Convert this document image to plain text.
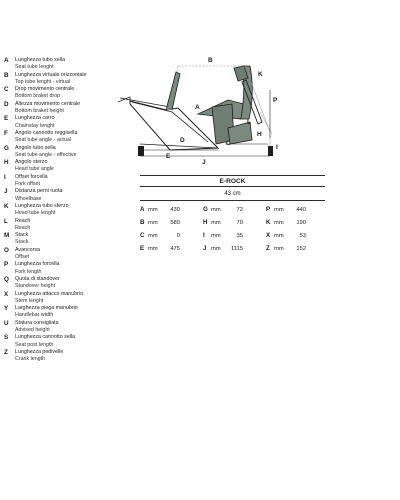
A	Lunghezza tubo sella
Seat tube lenght
B	Lunghezza virtuale orizzontale
Top tube lenght - virtual
C	Drop movimento centrale
Bottom braket drop
D	Altezza movimento centrale
Bottom braket height
E	Lunghezza carro
Chainstay lenght
F	Angolo cannotto reggisella
Seat tube angle - actual
G	Angolo tubo sella
Seat tube angle - effective
H	Angolo sterzo
Head tube angle
I	Offset forcella
Fork offset
J	Distanza perni ruota
Wheelbase
K	Lunghezza tubo sterzo
Head tube lenght
L	Reach
Reach
M	Stack
Stack
O	Avancorsa
Offset
P	Lunghezza forcella
Fork length
Q	Quota di standover
Standover height
X	Lunghezza attacco manubrio
Stem lenght
Y	Larghezza piega manubrio
Handlebar width
U	Statura consigliata
Advised height
S	Lunghezza cannotto sella
Seat post length
Z	Lunghezza pedivelle
Crank length
B
K
A
H
D	C
E
J
I
P
L
E-ROCK
43 cm
A mm	430	G mm	72	P mm	440
B mm	580	H mm	70	K mm	190
C mm	0	I	mm	35	X mm	53
E mm	475	J mm	1115	Z mm	152
